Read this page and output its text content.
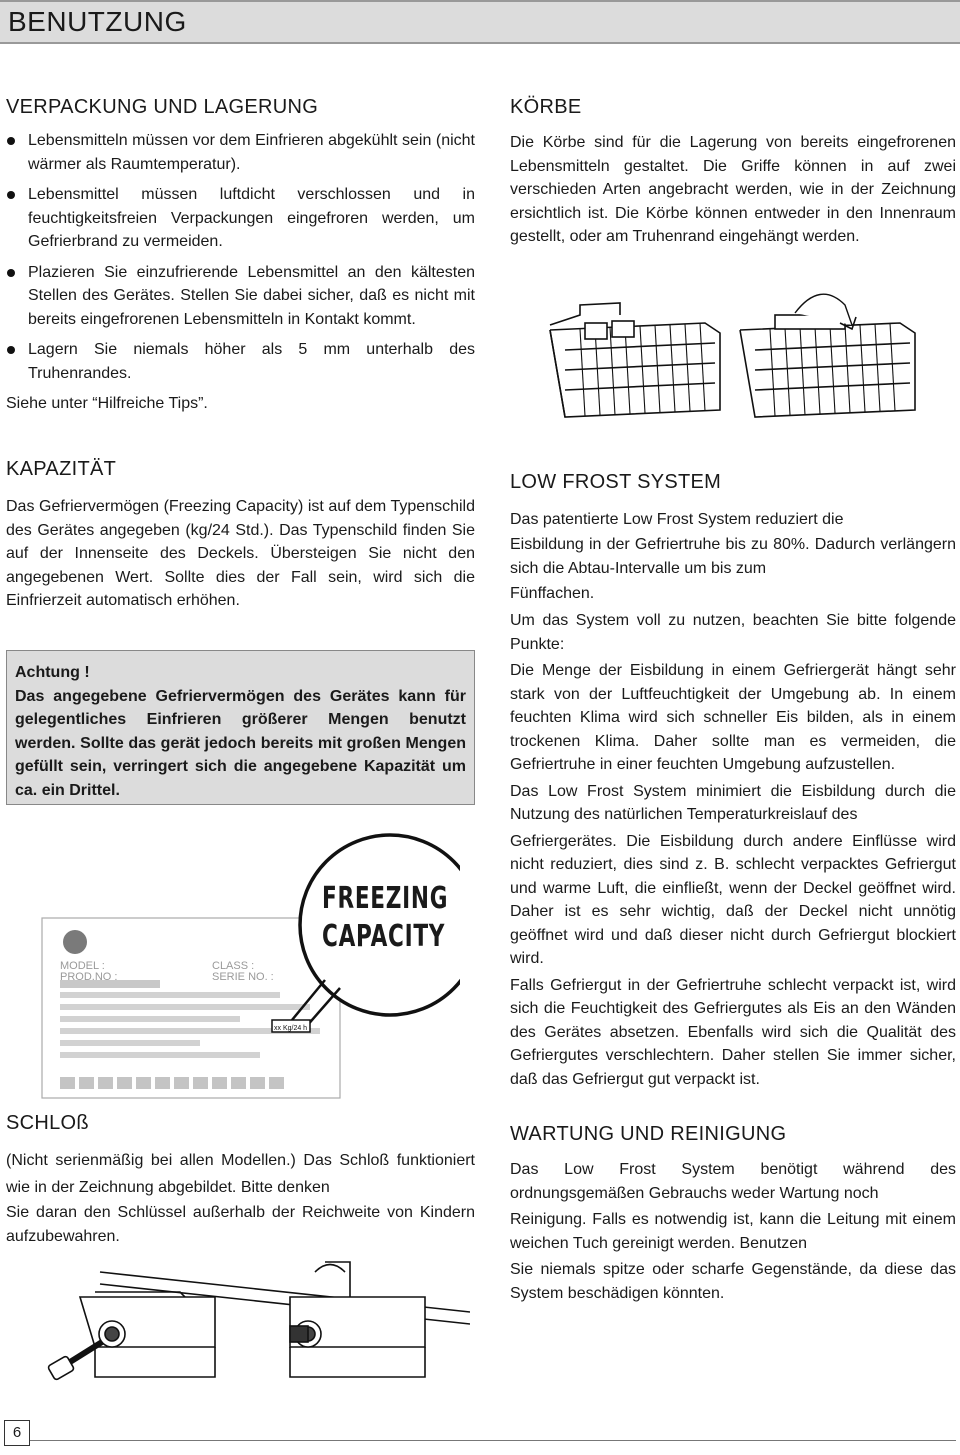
BENUTZUNG
VERPACKUNG UND LAGERUNG
Lebensmitteln müssen vor dem Einfrieren abgekühlt sein (nicht wärmer als Raumtemperatur).
Lebensmittel müssen luftdicht verschlossen und in feuchtigkeitsfreien Verpackungen eingefroren werden, um Gefrierbrand zu vermeiden.
Plazieren Sie einzufrierende Lebensmittel an den kältesten Stellen des Gerätes. Stellen Sie dabei sicher, daß es nicht mit bereits eingefrorenen Lebensmitteln in Kontakt kommt.
Lagern Sie niemals höher als 5 mm unterhalb des Truhenrandes.

Siehe unter “Hilfreiche Tips”.

KAPAZITÄT

Das Gefriervermögen (Freezing Capacity) ist auf dem Typenschild des Gerätes angegeben (kg/24 Std.). Das Typenschild finden Sie auf der Innenseite des Deckels. Übersteigen Sie nicht den angegebenen Wert. Sollte dies der Fall sein, wird sich die Einfrierzeit automatisch erhöhen.

Achtung !

Das angegebene Gefriervermögen des Gerätes kann für gelegentliches Einfrieren größerer Mengen benutzt werden. Sollte das gerät jedoch bereits mit großen Mengen gefüllt sein, verringert sich die angegebene Kapazität um ca. ein Drittel.

MODEL :
PROD.NO :
CLASS :
SERIE NO. :
xx Kg/24 h
FREEZING
CAPACITY
SCHLOß

(Nicht serienmäßig bei allen Modellen.) Das Schloß funktioniert wie in der Zeichnung abgebildet. Bitte denken

Sie daran den Schlüssel außerhalb der Reichweite von Kindern aufzubewahren.

KÖRBE

Die Körbe sind für die Lagerung von bereits eingefrorenen Lebensmitteln gestaltet. Die Griffe können in auf zwei verschieden Arten angebracht werden, wie in der Zeichnung ersichtlich ist. Die Körbe können entweder in den Innenraum gestellt, oder am Truhenrand eingehängt werden.

LOW FROST SYSTEM

Das patentierte Low Frost System reduziert die

Eisbildung in der Gefriertruhe bis zu 80%. Dadurch verlängern sich die Abtau-Intervalle um bis zum

Fünffachen.

Um das System voll zu nutzen, beachten Sie bitte folgende Punkte:

Die Menge der Eisbildung in einem Gefriergerät hängt sehr stark von der Luftfeuchtigkeit der Umgebung ab. In einem feuchten Klima wird sich schneller Eis bilden, als in einem trockenen Klima. Daher sollte man es vermeiden, die Gefriertruhe in einer feuchten Umgebung aufzustellen.

Das Low Frost System minimiert die Eisbildung durch die Nutzung des natürlichen Temperaturkreislauf des

Gefriergerätes. Die Eisbildung durch andere Einflüsse wird nicht reduziert, dies sind z. B. schlecht verpacktes Gefriergut und warme Luft, die einfließt, wenn der Deckel geöffnet wird. Daher ist es sehr wichtig, daß der Deckel nicht unnötig geöffnet wird und daß dieser nicht durch Gefriergut blockiert wird.

Falls Gefriergut in der Gefriertruhe schlecht verpackt ist, wird sich die Feuchtigkeit des Gefriergutes als Eis an den Wänden des Gerätes absetzen. Ebenfalls wird sich die Qualität des Gefriergutes verschlechtern. Daher stellen Sie immer sicher, daß das Gefriergut gut verpackt ist.

WARTUNG UND REINIGUNG

Das Low Frost System benötigt während des ordnungsgemäßen Gebrauchs weder Wartung noch

Reinigung. Falls es notwendig ist, kann die Leitung mit einem weichen Tuch gereinigt werden. Benutzen

Sie niemals spitze oder scharfe Gegenstände, da diese das System beschädigen könnten.

6
